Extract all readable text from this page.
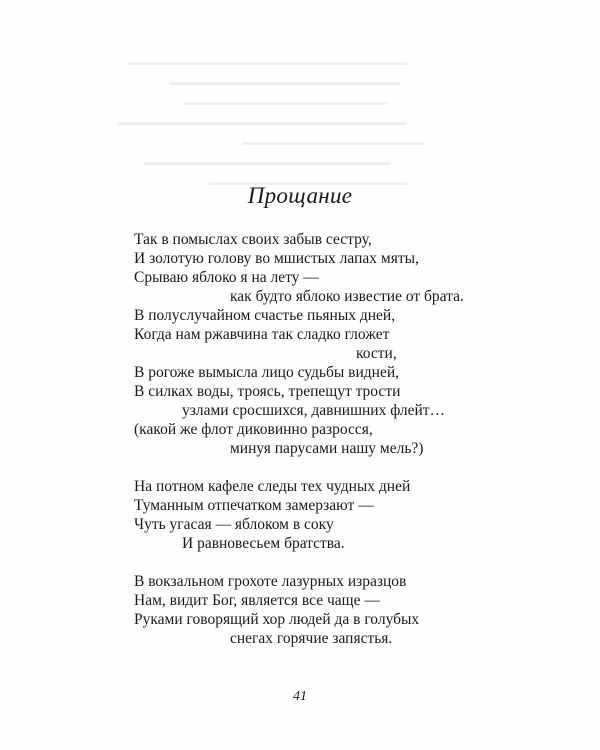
Прощание
Так в помыслах своих забыв сестру,
И золотую голову во мшистых лапах мяты,
Срываю яблоко я на лету —
как будто яблоко известие от брата.
В полуслучайном счастье пьяных дней,
Когда нам ржавчина так сладко гложет
кости,
В рогоже вымысла лицо судьбы видней,
В силках воды, троясь, трепещут трости
узлами сросшихся, давнишних флейт…
(какой же флот диковинно разросся,
минуя парусами нашу мель?)
На потном кафеле следы тех чудных дней
Туманным отпечатком замерзают —
Чуть угасая — яблоком в соку
И равновесьем братства.
В вокзальном грохоте лазурных изразцов
Нам, видит Бог, является все чаще —
Руками говорящий хор людей да в голубых
снегах горячие запястья.
41
